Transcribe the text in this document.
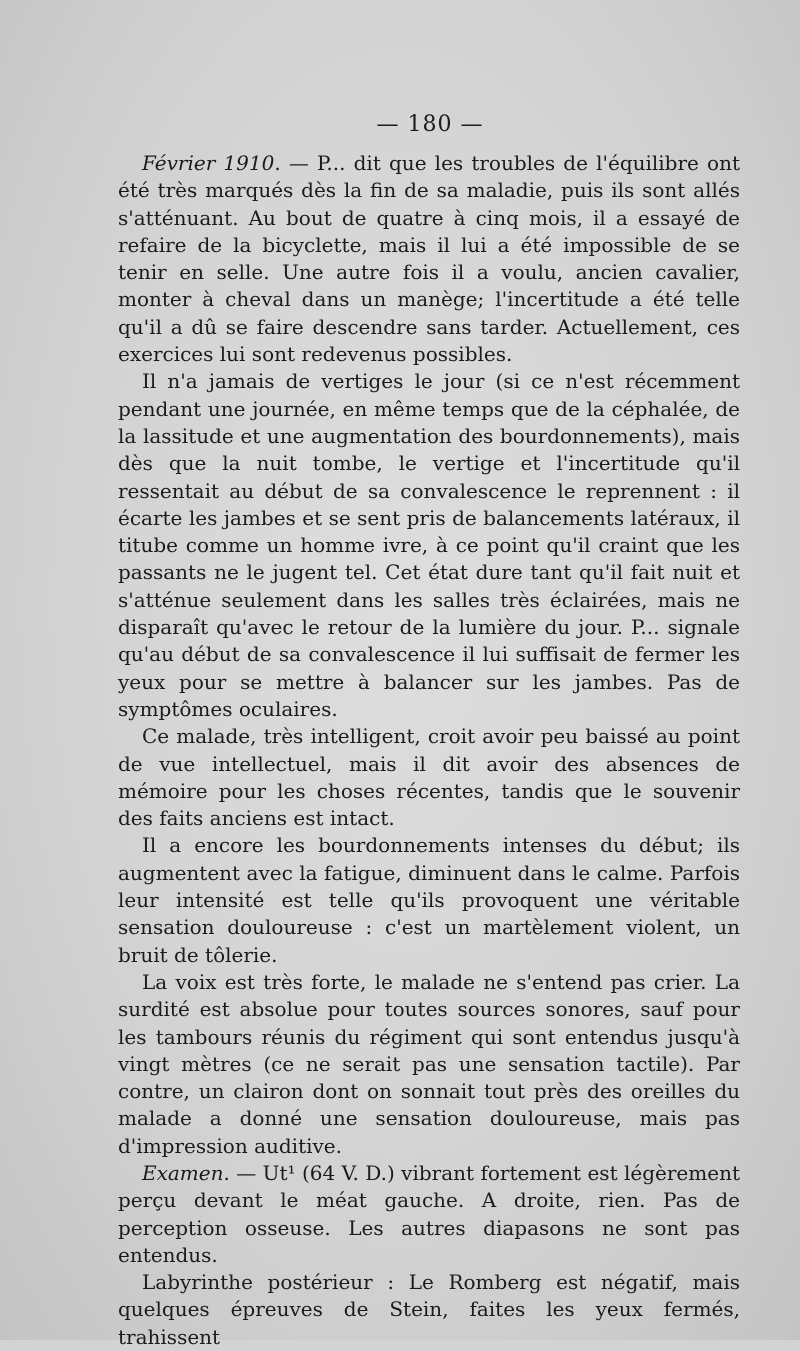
— 180 —

Février 1910. — P... dit que les troubles de l'équilibre ont été très marqués dès la fin de sa maladie, puis ils sont allés s'atténuant. Au bout de quatre à cinq mois, il a essayé de refaire de la bicyclette, mais il lui a été impossible de se tenir en selle. Une autre fois il a voulu, ancien cavalier, monter à cheval dans un manège; l'incertitude a été telle qu'il a dû se faire descendre sans tarder. Actuellement, ces exercices lui sont redevenus possibles.

Il n'a jamais de vertiges le jour (si ce n'est récemment pendant une journée, en même temps que de la céphalée, de la lassitude et une augmentation des bourdonnements), mais dès que la nuit tombe, le vertige et l'incertitude qu'il ressentait au début de sa convalescence le reprennent : il écarte les jambes et se sent pris de balancements latéraux, il titube comme un homme ivre, à ce point qu'il craint que les passants ne le jugent tel. Cet état dure tant qu'il fait nuit et s'atténue seulement dans les salles très éclairées, mais ne disparaît qu'avec le retour de la lumière du jour. P... signale qu'au début de sa convalescence il lui suffisait de fermer les yeux pour se mettre à balancer sur les jambes. Pas de symptômes oculaires.

Ce malade, très intelligent, croit avoir peu baissé au point de vue intellectuel, mais il dit avoir des absences de mémoire pour les choses récentes, tandis que le souvenir des faits anciens est intact.

Il a encore les bourdonnements intenses du début; ils augmentent avec la fatigue, diminuent dans le calme. Parfois leur intensité est telle qu'ils provoquent une véritable sensation douloureuse : c'est un martèlement violent, un bruit de tôlerie.

La voix est très forte, le malade ne s'entend pas crier. La surdité est absolue pour toutes sources sonores, sauf pour les tambours réunis du régiment qui sont entendus jusqu'à vingt mètres (ce ne serait pas une sensation tactile). Par contre, un clairon dont on sonnait tout près des oreilles du malade a donné une sensation douloureuse, mais pas d'impression auditive.

Examen. — Ut¹ (64 V. D.) vibrant fortement est légèrement perçu devant le méat gauche. A droite, rien. Pas de perception osseuse. Les autres diapasons ne sont pas entendus.

Labyrinthe postérieur : Le Romberg est négatif, mais quelques épreuves de Stein, faites les yeux fermés, trahissent
